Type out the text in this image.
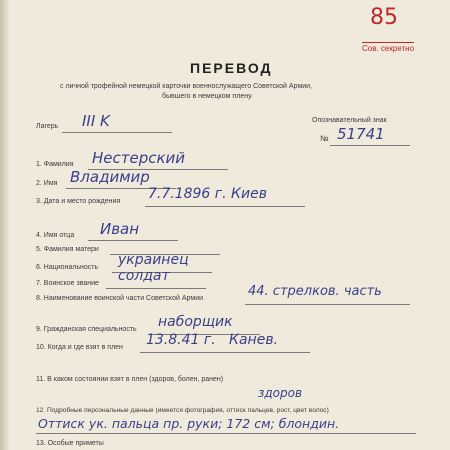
85
Сов. секретно
ПЕРЕВОД
с личной трофейной немецкой карточки военнослужащего Советской Армии,
бывшего в немецком плену.
Лагерь III K	Опознавательный знак
№ 51741
1. Фамилия Нестерский
2. Имя Владимир
3. Дата и место рождения 7.7.1896 г. Киев
4. Имя отца Иван
5. Фамилия матери
6. Национальность украинец
7. Воинское звание солдат
8. Наименование воинской части Советской Армии	44. стрелков. часть
9. Гражданская специальность наборщик
10. Когда и где взят в плен 13.8.41 г.   Канев.
11. В каком состоянии взят в плен (здоров, болен, ранен)
здоров
12. Подробные персональные данные (имеется фотография, оттиск пальцев, рост, цвет волос)
Оттиск ук. пальца пр. руки; 172 см; блондин.
13. Особые приметы
